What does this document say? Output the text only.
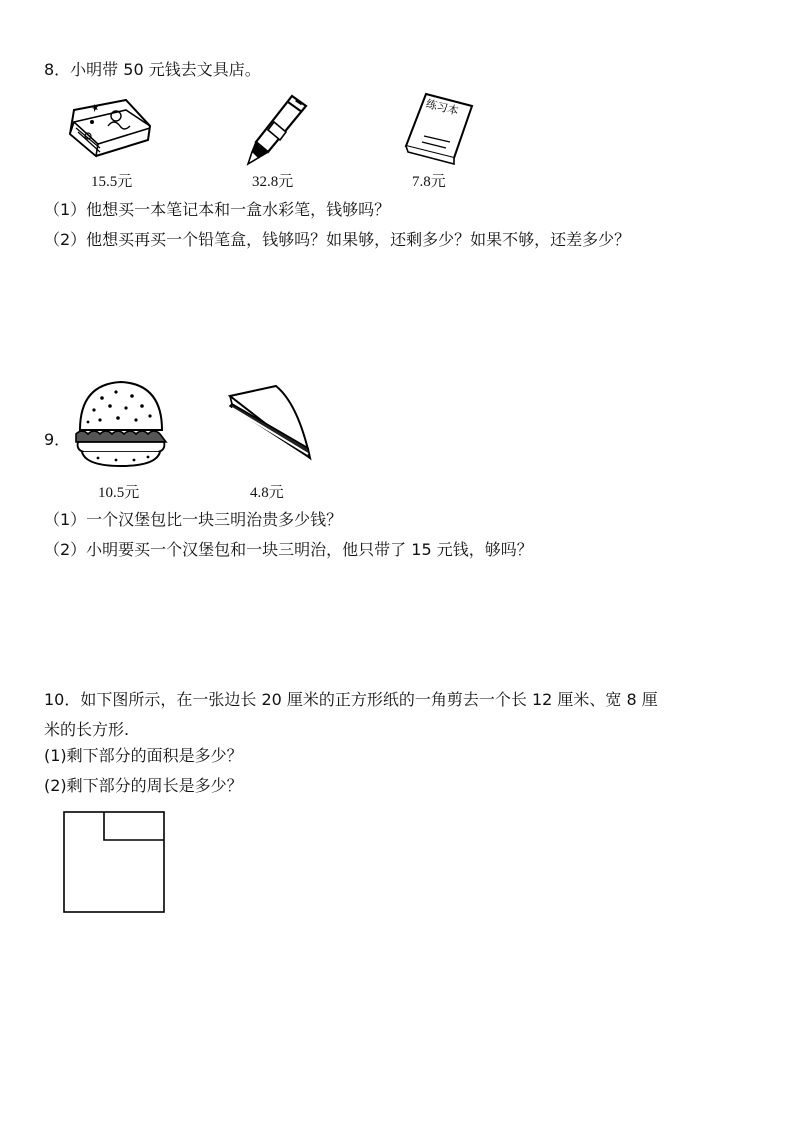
8．小明带 50 元钱去文具店。
15.5元	32.8元
练习本
7.8元
（1）他想买一本笔记本和一盒水彩笔，钱够吗？
（2）他想买再买一个铅笔盒，钱够吗？如果够，还剩多少？如果不够，还差多少？
9．
10.5元	4.8元
（1）一个汉堡包比一块三明治贵多少钱？
（2）小明要买一个汉堡包和一块三明治，他只带了 15 元钱，够吗？
10．如下图所示，在一张边长 20 厘米的正方形纸的一角剪去一个长 12 厘米、宽 8 厘
米的长方形.
(1)剩下部分的面积是多少？
(2)剩下部分的周长是多少？
